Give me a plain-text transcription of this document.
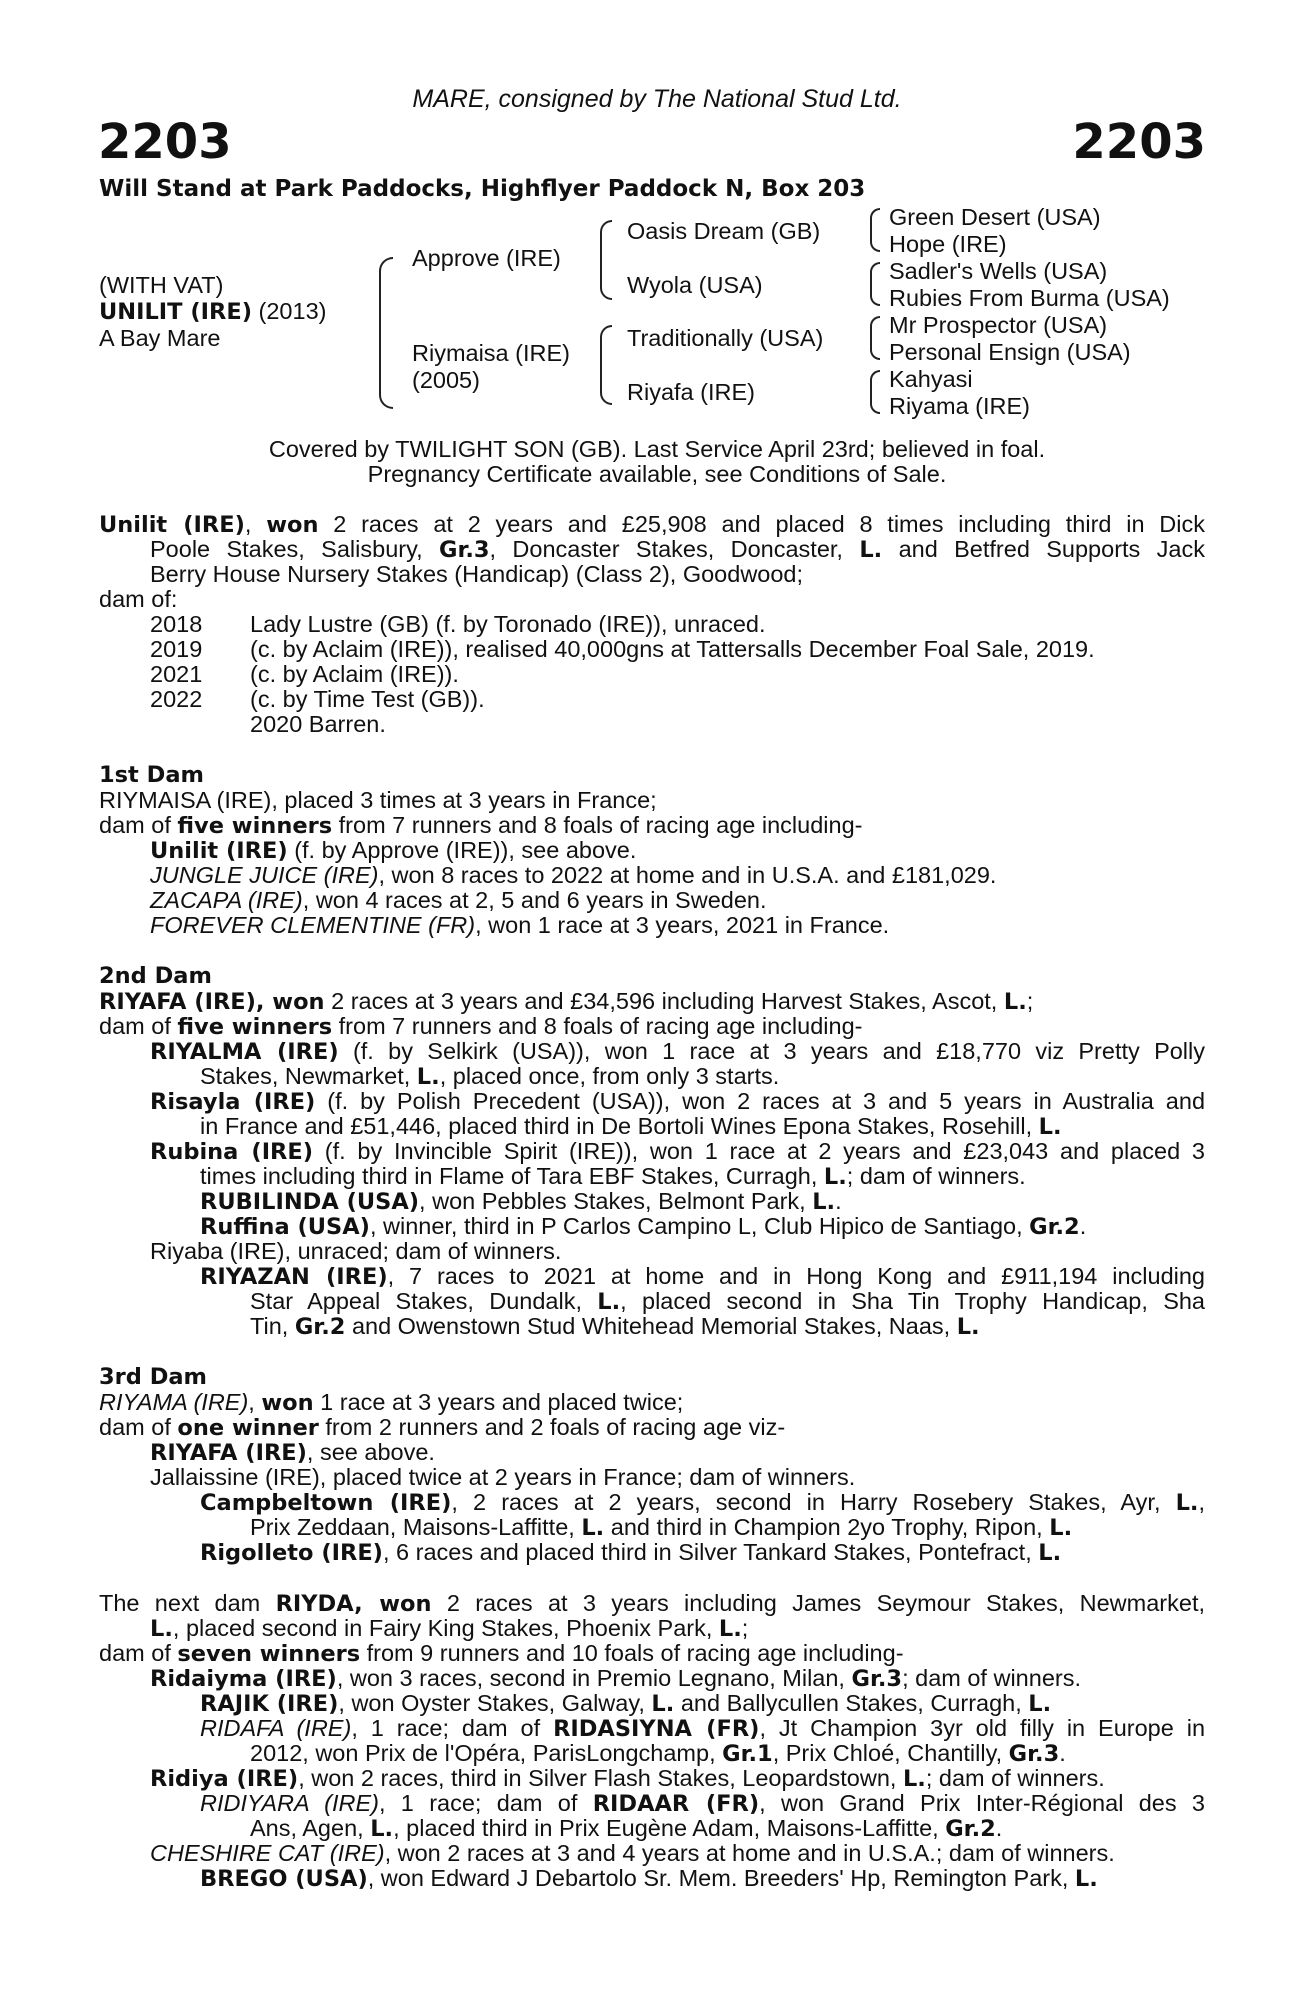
MARE, consigned by The National Stud Ltd.
2203	2203
Will Stand at Park Paddocks, Highflyer Paddock N, Box 203
(WITH VAT)
UNILIT (IRE) (2013)
A Bay Mare
Approve (IRE)
Riymaisa (IRE)
(2005)
Oasis Dream (GB)
Wyola (USA)
Traditionally (USA)
Riyafa (IRE)
Green Desert (USA)
Hope (IRE)
Sadler's Wells (USA)
Rubies From Burma (USA)
Mr Prospector (USA)
Personal Ensign (USA)
Kahyasi
Riyama (IRE)
Covered by TWILIGHT SON (GB). Last Service April 23rd; believed in foal.
Pregnancy Certificate available, see Conditions of Sale.
Unilit (IRE), won 2 races at 2 years and £25,908 and placed 8 times including third in Dick
Poole Stakes, Salisbury, Gr.3, Doncaster Stakes, Doncaster, L. and Betfred Supports Jack
Berry House Nursery Stakes (Handicap) (Class 2), Goodwood;
dam of:
2018 Lady Lustre (GB) (f. by Toronado (IRE)), unraced.
2019 (c. by Aclaim (IRE)), realised 40,000gns at Tattersalls December Foal Sale, 2019.
2021 (c. by Aclaim (IRE)).
2022 (c. by Time Test (GB)).
2020 Barren.
1st Dam
RIYMAISA (IRE), placed 3 times at 3 years in France;
dam of five winners from 7 runners and 8 foals of racing age including-
Unilit (IRE) (f. by Approve (IRE)), see above.
JUNGLE JUICE (IRE), won 8 races to 2022 at home and in U.S.A. and £181,029.
ZACAPA (IRE), won 4 races at 2, 5 and 6 years in Sweden.
FOREVER CLEMENTINE (FR), won 1 race at 3 years, 2021 in France.
2nd Dam
RIYAFA (IRE), won 2 races at 3 years and £34,596 including Harvest Stakes, Ascot, L.;
dam of five winners from 7 runners and 8 foals of racing age including-
RIYALMA (IRE) (f. by Selkirk (USA)), won 1 race at 3 years and £18,770 viz Pretty Polly
Stakes, Newmarket, L., placed once, from only 3 starts.
Risayla (IRE) (f. by Polish Precedent (USA)), won 2 races at 3 and 5 years in Australia and
in France and £51,446, placed third in De Bortoli Wines Epona Stakes, Rosehill, L.
Rubina (IRE) (f. by Invincible Spirit (IRE)), won 1 race at 2 years and £23,043 and placed 3
times including third in Flame of Tara EBF Stakes, Curragh, L.; dam of winners.
RUBILINDA (USA), won Pebbles Stakes, Belmont Park, L..
Ruffina (USA), winner, third in P Carlos Campino L, Club Hipico de Santiago, Gr.2.
Riyaba (IRE), unraced; dam of winners.
RIYAZAN (IRE), 7 races to 2021 at home and in Hong Kong and £911,194 including
Star Appeal Stakes, Dundalk, L., placed second in Sha Tin Trophy Handicap, Sha
Tin, Gr.2 and Owenstown Stud Whitehead Memorial Stakes, Naas, L.
3rd Dam
RIYAMA (IRE), won 1 race at 3 years and placed twice;
dam of one winner from 2 runners and 2 foals of racing age viz-
RIYAFA (IRE), see above.
Jallaissine (IRE), placed twice at 2 years in France; dam of winners.
Campbeltown (IRE), 2 races at 2 years, second in Harry Rosebery Stakes, Ayr, L.,
Prix Zeddaan, Maisons-Laffitte, L. and third in Champion 2yo Trophy, Ripon, L.
Rigolleto (IRE), 6 races and placed third in Silver Tankard Stakes, Pontefract, L.
The next dam RIYDA, won 2 races at 3 years including James Seymour Stakes, Newmarket,
L., placed second in Fairy King Stakes, Phoenix Park, L.;
dam of seven winners from 9 runners and 10 foals of racing age including-
Ridaiyma (IRE), won 3 races, second in Premio Legnano, Milan, Gr.3; dam of winners.
RAJIK (IRE), won Oyster Stakes, Galway, L. and Ballycullen Stakes, Curragh, L.
RIDAFA (IRE), 1 race; dam of RIDASIYNA (FR), Jt Champion 3yr old filly in Europe in
2012, won Prix de l'Opéra, ParisLongchamp, Gr.1, Prix Chloé, Chantilly, Gr.3.
Ridiya (IRE), won 2 races, third in Silver Flash Stakes, Leopardstown, L.; dam of winners.
RIDIYARA (IRE), 1 race; dam of RIDAAR (FR), won Grand Prix Inter-Régional des 3
Ans, Agen, L., placed third in Prix Eugène Adam, Maisons-Laffitte, Gr.2.
CHESHIRE CAT (IRE), won 2 races at 3 and 4 years at home and in U.S.A.; dam of winners.
BREGO (USA), won Edward J Debartolo Sr. Mem. Breeders' Hp, Remington Park, L.
